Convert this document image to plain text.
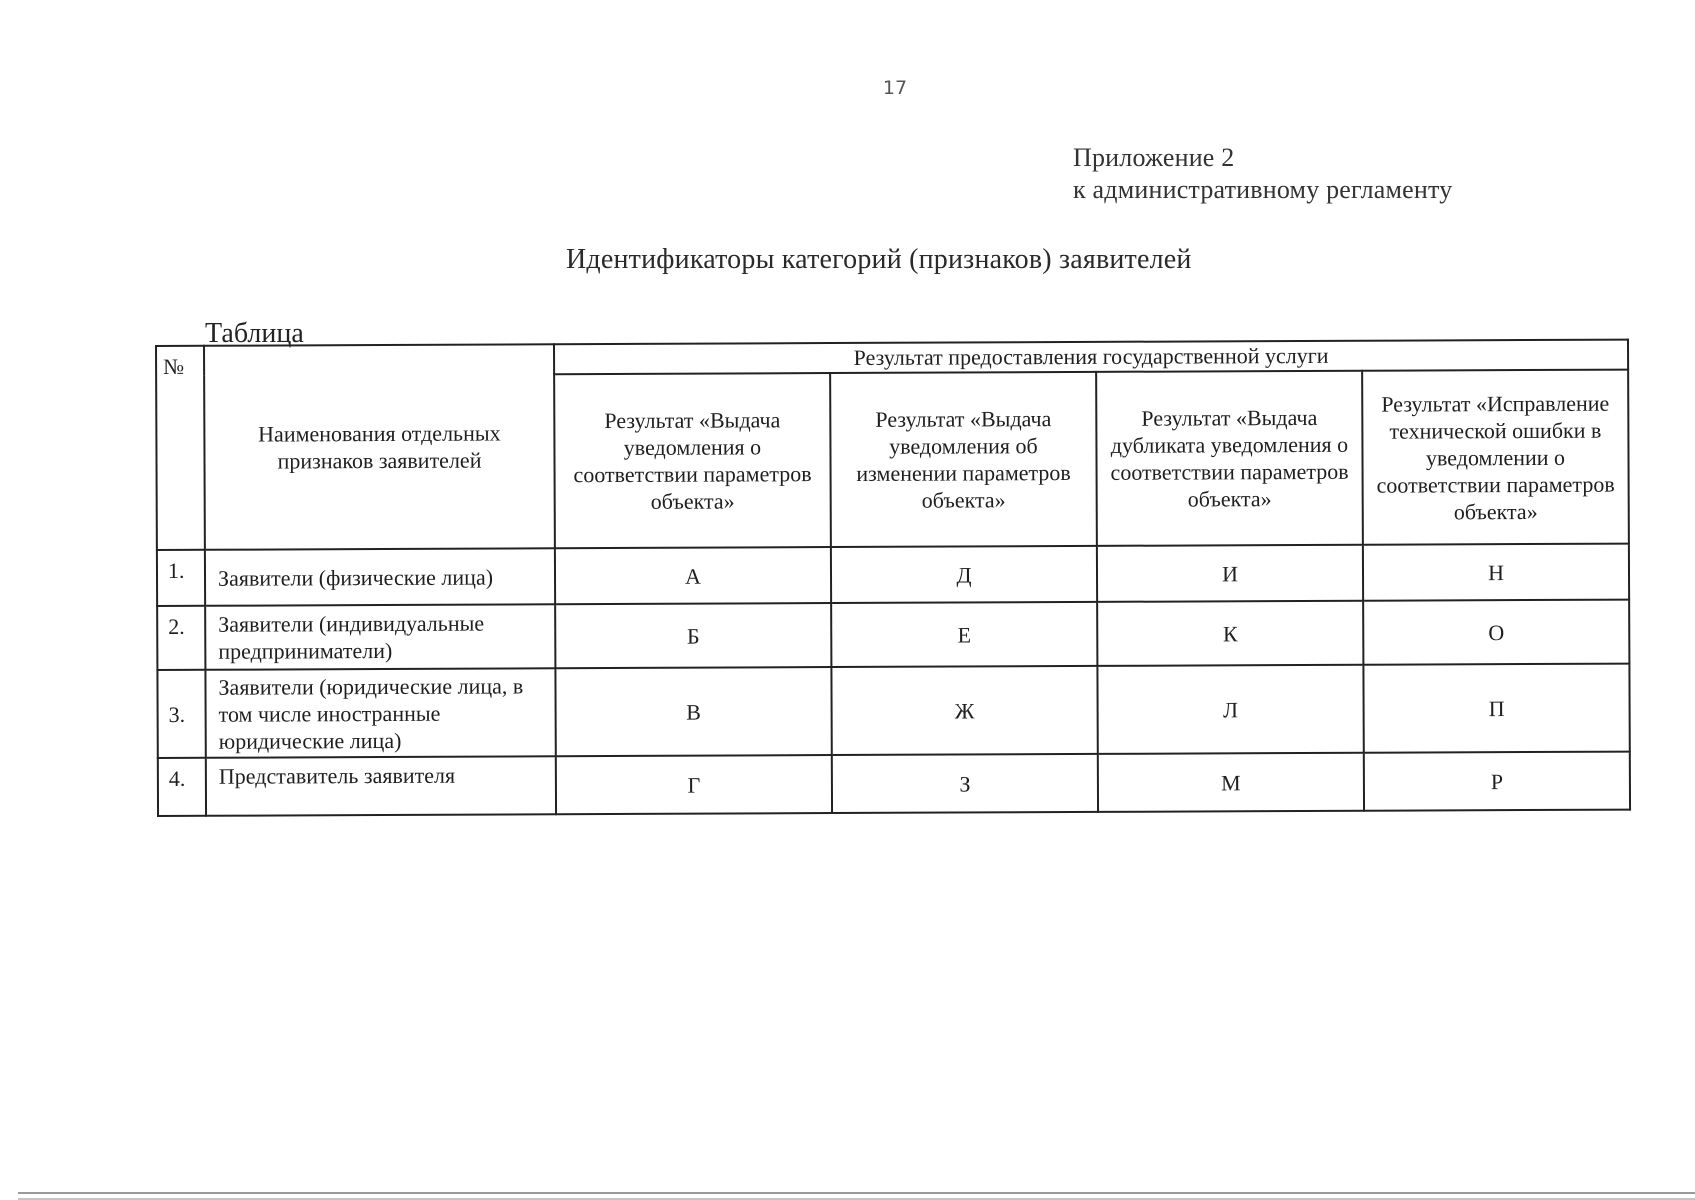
17
Приложение 2
к административному регламенту
Идентификаторы категорий (признаков) заявителей
Таблица
№	Наименования отдельных признаков заявителей	Результат предоставления государственной услуги			
		Результат «Выдача уведомления о соответствии параметров объекта»	Результат «Выдача уведомления об изменении параметров объекта»	Результат «Выдача дубликата уведомления о соответствии параметров объекта»	Результат «Исправление технической ошибки в уведомлении о соответствии параметров объекта»
1.	Заявители (физические лица)	А	Д	И	Н
2.	Заявители (индивидуальные предприниматели)	Б	Е	К	О
3.	Заявители (юридические лица, в том числе иностранные юридические лица)	В	Ж	Л	П
4.	Представитель заявителя	Г	З	М	Р
